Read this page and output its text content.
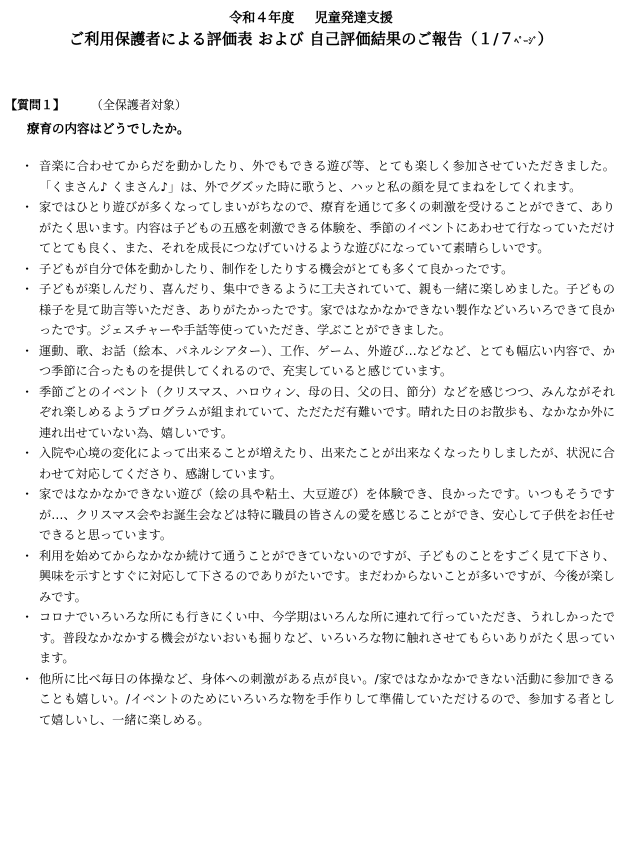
令和４年度 児童発達支援
ご利用保護者による評価表 および 自己評価結果のご報告（１/７ﾍﾟｰｼﾞ）
【質問１】 （全保護者対象）
療育の内容はどうでしたか。
・ 音楽に合わせてからだを動かしたり、外でもできる遊び等、とても楽しく参加させていただきました。「くまさん♪ くまさん♪」は、外でグズッた時に歌うと、ハッと私の顔を見てまねをしてくれます。
・ 家ではひとり遊びが多くなってしまいがちなので、療育を通じて多くの刺激を受けることができて、ありがたく思います。内容は子どもの五感を刺激できる体験を、季節のイベントにあわせて行なっていただけてとても良く、また、それを成長につなげていけるような遊びになっていて素晴らしいです。
・ 子どもが自分で体を動かしたり、制作をしたりする機会がとても多くて良かったです。
・ 子どもが楽しんだり、喜んだり、集中できるように工夫されていて、親も一緒に楽しめました。子どもの様子を見て助言等いただき、ありがたかったです。家ではなかなかできない製作などいろいろできて良かったです。ジェスチャーや手話等使っていただき、学ぶことができました。
・ 運動、歌、お話（絵本、パネルシアター）、工作、ゲーム、外遊び…などなど、とても幅広い内容で、かつ季節に合ったものを提供してくれるので、充実していると感じています。
・ 季節ごとのイベント（クリスマス、ハロウィン、母の日、父の日、節分）などを感じつつ、みんながそれぞれ楽しめるようプログラムが組まれていて、ただただ有難いです。晴れた日のお散歩も、なかなか外に連れ出せていない為、嬉しいです。
・ 入院や心境の変化によって出来ることが増えたり、出来たことが出来なくなったりしましたが、状況に合わせて対応してくださり、感謝しています。
・ 家ではなかなかできない遊び（絵の具や粘土、大豆遊び）を体験でき、良かったです。いつもそうですが…、クリスマス会やお誕生会などは特に職員の皆さんの愛を感じることができ、安心して子供をお任せできると思っています。
・ 利用を始めてからなかなか続けて通うことができていないのですが、子どものことをすごく見て下さり、興味を示すとすぐに対応して下さるのでありがたいです。まだわからないことが多いですが、今後が楽しみです。
・ コロナでいろいろな所にも行きにくい中、今学期はいろんな所に連れて行っていただき、うれしかったです。普段なかなかする機会がないおいも掘りなど、いろいろな物に触れさせてもらいありがたく思っています。
・ 他所に比べ毎日の体操など、身体への刺激がある点が良い。/家ではなかなかできない活動に参加できることも嬉しい。/イベントのためにいろいろな物を手作りして準備していただけるので、参加する者として嬉しいし、一緒に楽しめる。
